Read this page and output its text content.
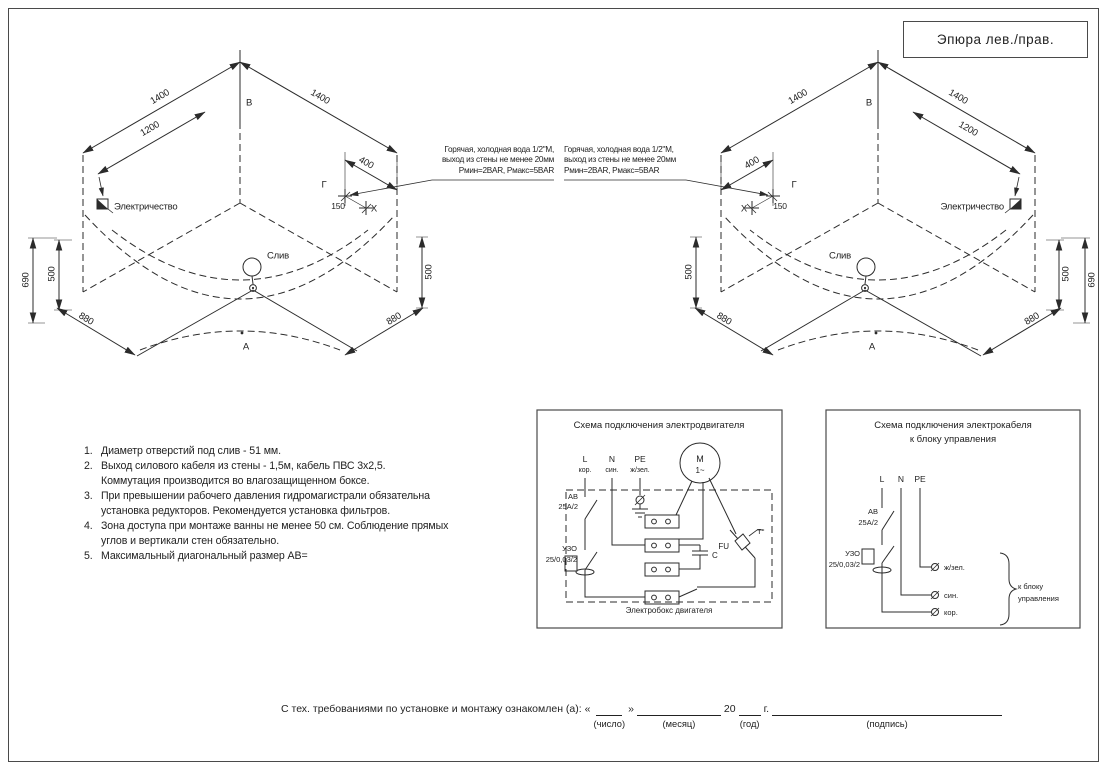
Эпюра лев./прав.
Схема подключения электродвигателя
L	N PE
кор. син. ж/зел.
АВ
25А/2
УЗО
25/0,03/2
М
1~
FU
Т°
С
Электробокс двигателя
Схема подключения электрокабеля
к блоку управления
L N PE
АВ
25А/2
УЗО
25/0,03/2	ж/зел.
син.
кор.
к блоку
управления
1400	1400
1200
400
690 500	500
880	880
B
Г
150	X
Слив
A
Электричество
1400
1400
1200
400
690
500
500
880
880
B
Г
150
X
Слив
A
Электричество
Горячая, холодная вода 1/2"М,
выход из стены не менее 20мм
Рмин=2BAR, Рмакс=5BAR
Горячая, холодная вода 1/2"М,
выход из стены не менее 20мм
Рмин=2BAR, Рмакс=5BAR
1. Диаметр отверстий под слив - 51 мм.
2. Выход силового кабеля из стены - 1,5м, кабель ПВС 3х2,5.
Коммутация производится во влагозащищенном боксе.
3. При превышении рабочего давления гидромагистрали обязательна
установка редукторов. Рекомендуется установка фильтров.
4. Зона доступа при монтаже ванны не менее 50 см. Соблюдение прямых
углов и вертикали стен обязательно.
5. Максимальный диагональный размер АВ=
С тех. требованиями по установке и монтажу ознакомлен (а): «
(число)
»
(месяц)
20
(год)
г.
(подпись)
